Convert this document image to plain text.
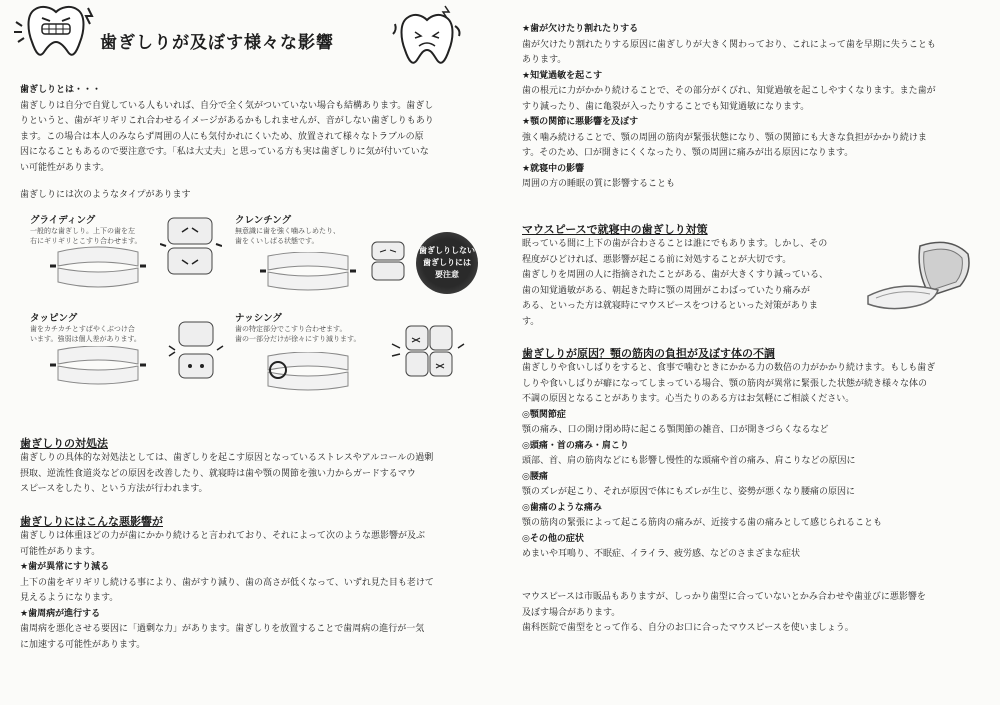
歯ぎしりが及ぼす様々な影響

歯ぎしりとは・・・

歯ぎしりは自分で自覚している人もいれば、自分で全く気がついていない場合も結構あります。歯ぎし

りというと、歯がギリギリこれ合わせるイメージがあるかもしれませんが、音がしない歯ぎしりもあり

ます。この場合は本人のみならず周囲の人にも気付かれにくいため、放置されて様々なトラブルの原

因になることもあるので要注意です。「私は大丈夫」と思っている方も実は歯ぎしりに気が付いていな

い可能性があります。

歯ぎしりには次のようなタイプがあります

グライディング
一般的な歯ぎしり。上下の歯を左
右にギリギリとこすり合わせます。
クレンチング
無意識に歯を強く噛みしめたり、
歯をくいしばる状態です。
歯ぎしりしない
歯ぎしりには
要注意
タッピング
歯をカチカチとすばやくぶつけ合
います。強弱は個人差があります。
ナッシング
歯の特定部分でこすり合わせます。
歯の一部分だけが徐々にすり減ります。

歯ぎしりの対処法

歯ぎしりの具体的な対処法としては、歯ぎしりを起こす原因となっているストレスやアルコールの過剰

摂取、逆流性食道炎などの原因を改善したり、就寝時は歯や顎の関節を強い力からガードするマウ

スピースをしたり、という方法が行われます。

歯ぎしりにはこんな悪影響が

歯ぎしりは体重ほどの力が歯にかかり続けると言われており、それによって次のような悪影響が及ぶ

可能性があります。

★歯が異常にすり減る

上下の歯をギリギリし続ける事により、歯がすり減り、歯の高さが低くなって、いずれ見た目も老けて

見えるようになります。

★歯周病が進行する

歯周病を悪化させる要因に「過剰な力」があります。歯ぎしりを放置することで歯周病の進行が一気

に加速する可能性があります。

★歯が欠けたり割れたりする

歯が欠けたり割れたりする原因に歯ぎしりが大きく関わっており、これによって歯を早期に失うことも

あります。

★知覚過敏を起こす

歯の根元に力がかかり続けることで、その部分がくびれ、知覚過敏を起こしやすくなります。また歯が

すり減ったり、歯に亀裂が入ったりすることでも知覚過敏になります。

★顎の関節に悪影響を及ぼす

強く噛み続けることで、顎の周囲の筋肉が緊張状態になり、顎の関節にも大きな負担がかかり続けま

す。そのため、口が開きにくくなったり、顎の周囲に痛みが出る原因になります。

★就寝中の影響

周囲の方の睡眠の質に影響することも

マウスピースで就寝中の歯ぎしり対策

眠っている間に上下の歯が合わさることは誰にでもあります。しかし、その

程度がひどければ、悪影響が起こる前に対処することが大切です。

歯ぎしりを周囲の人に指摘されたことがある、歯が大きくすり減っている、

歯の知覚過敏がある、朝起きた時に顎の周囲がこわばっていたり痛みが

ある、といった方は就寝時にマウスピースをつけるといった対策がありま

す。

歯ぎしりが原因？顎の筋肉の負担が及ぼす体の不調

歯ぎしりや食いしばりをすると、食事で噛むときにかかる力の数倍の力がかかり続けます。もしも歯ぎ

しりや食いしばりが癖になってしまっている場合、顎の筋肉が異常に緊張した状態が続き様々な体の

不調の原因となることがあります。心当たりのある方はお気軽にご相談ください。

◎顎関節症

顎の痛み、口の開け閉め時に起こる顎関節の雑音、口が開きづらくなるなど

◎頭痛・首の痛み・肩こり

頭部、首、肩の筋肉などにも影響し慢性的な頭痛や首の痛み、肩こりなどの原因に

◎腰痛

顎のズレが起こり、それが原因で体にもズレが生じ、姿勢が悪くなり腰痛の原因に

◎歯痛のような痛み

顎の筋肉の緊張によって起こる筋肉の痛みが、近接する歯の痛みとして感じられることも

◎その他の症状

めまいや耳鳴り、不眠症、イライラ、疲労感、などのさまざまな症状

マウスピースは市販品もありますが、しっかり歯型に合っていないとかみ合わせや歯並びに悪影響を

及ぼす場合があります。

歯科医院で歯型をとって作る、自分のお口に合ったマウスピースを使いましょう。
